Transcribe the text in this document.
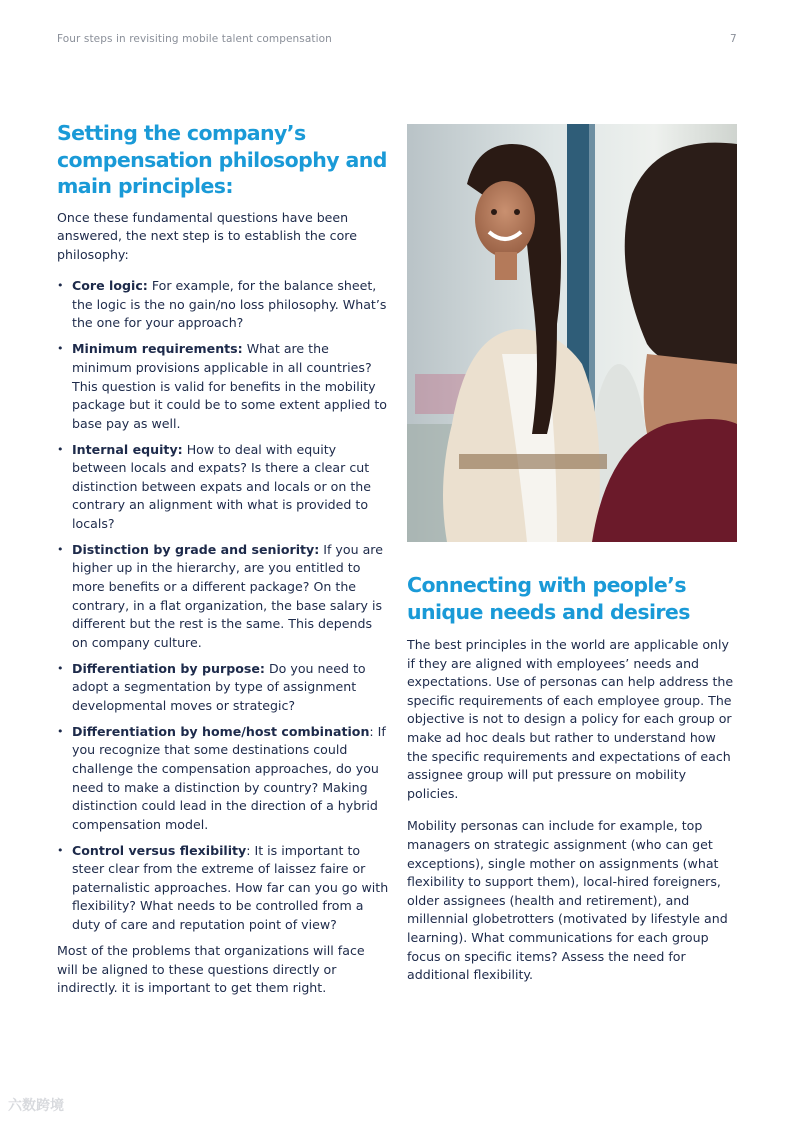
Four steps in revisiting mobile talent compensation	7
Setting the company’s compensation philosophy and main principles:

Once these fundamental questions have been answered, the next step is to establish the core philosophy:

• Core logic: For example, for the balance sheet, the logic is the no gain/no loss philosophy. What’s the one for your approach?
• Minimum requirements: What are the minimum provisions applicable in all countries? This question is valid for benefits in the mobility package but it could be to some extent applied to base pay as well.
• Internal equity: How to deal with equity between locals and expats? Is there a clear cut distinction between expats and locals or on the contrary an alignment with what is provided to locals?
• Distinction by grade and seniority: If you are higher up in the hierarchy, are you entitled to more benefits or a different package? On the contrary, in a flat organization, the base salary is different but the rest is the same. This depends on company culture.
• Differentiation by purpose: Do you need to adopt a segmentation by type of assignment developmental moves or strategic?
• Differentiation by home/host combination: If you recognize that some destinations could challenge the compensation approaches, do you need to make a distinction by country? Making distinction could lead in the direction of a hybrid compensation model.
• Control versus flexibility: It is important to steer clear from the extreme of laissez faire or paternalistic approaches. How far can you go with flexibility? What needs to be controlled from a duty of care and reputation point of view?

Most of the problems that organizations will face will be aligned to these questions directly or indirectly. it is important to get them right.

Connecting with people’s unique needs and desires

The best principles in the world are applicable only if they are aligned with employees’ needs and expectations. Use of personas can help address the specific requirements of each employee group. The objective is not to design a policy for each group or make ad hoc deals but rather to understand how the specific requirements and expectations of each assignee group will put pressure on mobility policies.

Mobility personas can include for example, top managers on strategic assignment (who can get exceptions), single mother on assignments (what flexibility to support them), local-hired foreigners, older assignees (health and retirement), and millennial globetrotters (motivated by lifestyle and learning). What communications for each group focus on specific items? Assess the need for additional flexibility.

六数跨境
